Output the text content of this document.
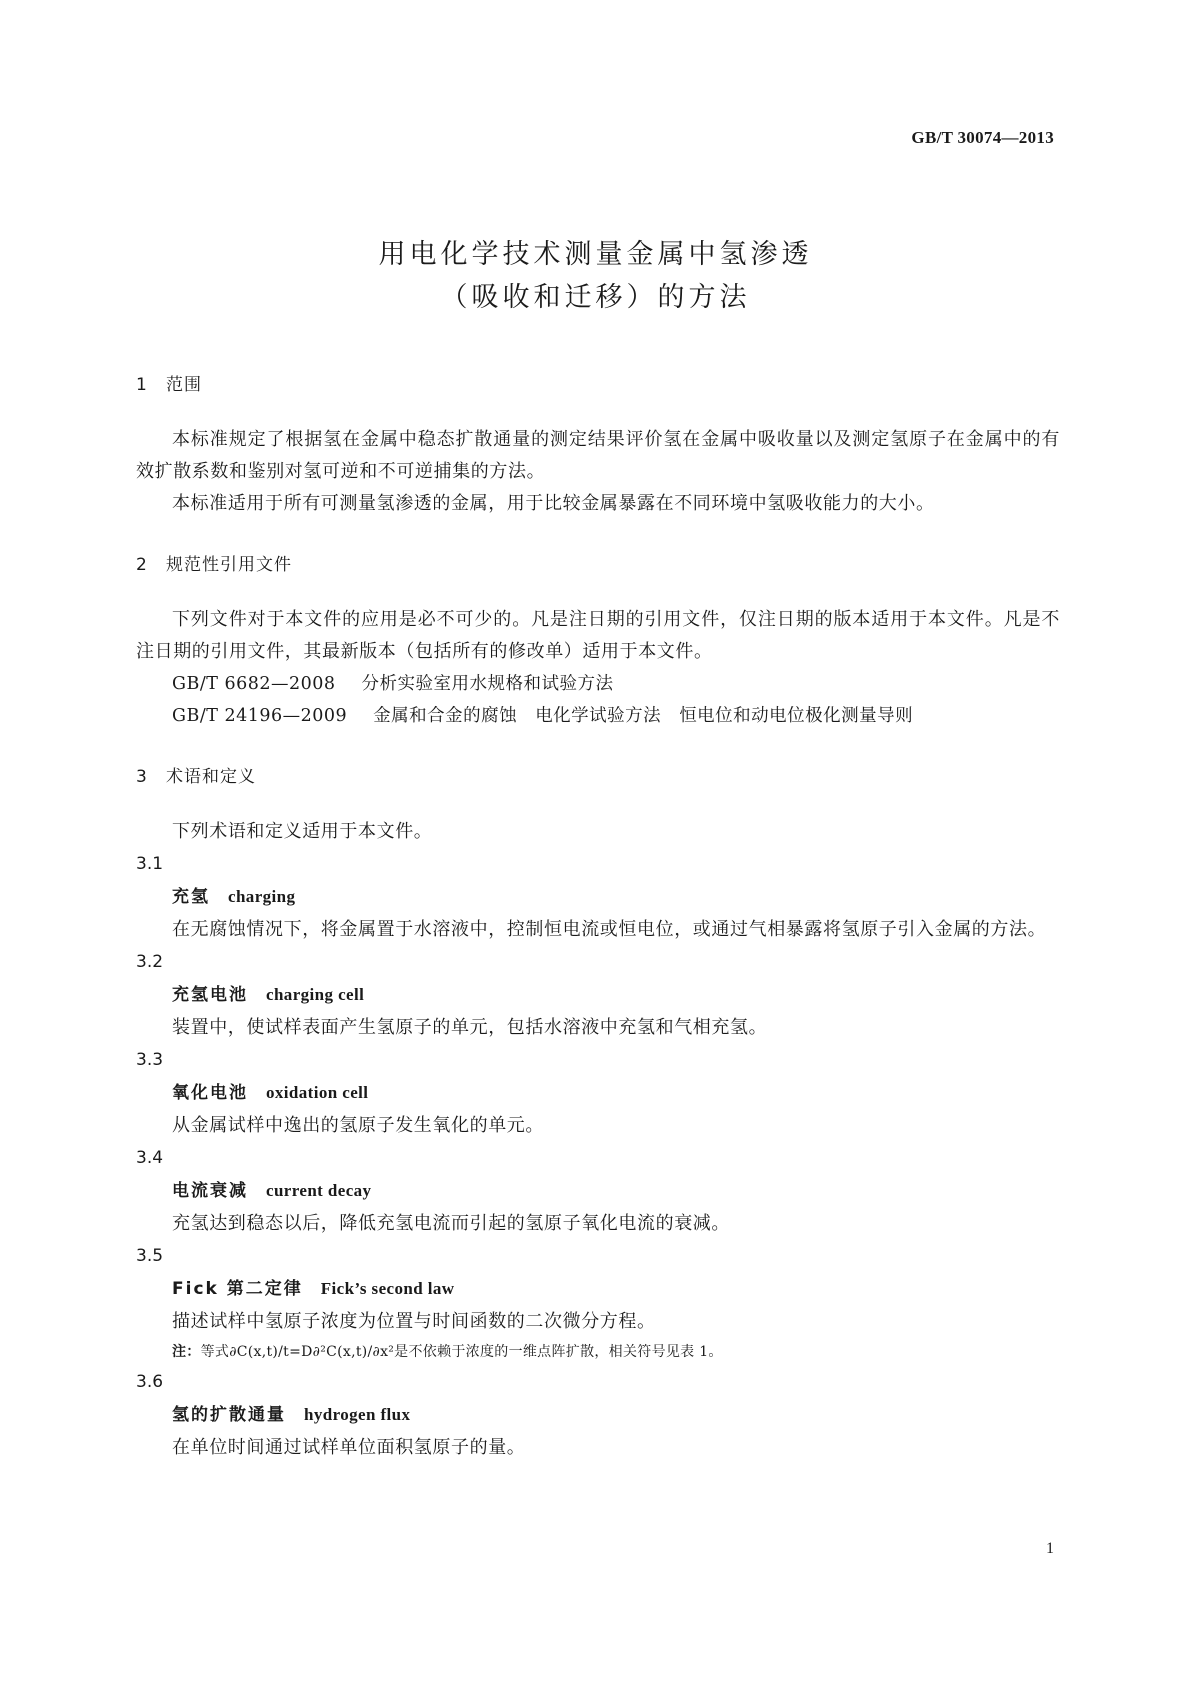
GB/T 30074—2013
用电化学技术测量金属中氢渗透
（吸收和迁移）的方法
1 范围

本标准规定了根据氢在金属中稳态扩散通量的测定结果评价氢在金属中吸收量以及测定氢原子在金属中的有效扩散系数和鉴别对氢可逆和不可逆捕集的方法。

本标准适用于所有可测量氢渗透的金属，用于比较金属暴露在不同环境中氢吸收能力的大小。

2 规范性引用文件

下列文件对于本文件的应用是必不可少的。凡是注日期的引用文件，仅注日期的版本适用于本文件。凡是不注日期的引用文件，其最新版本（包括所有的修改单）适用于本文件。

GB/T 6682—2008 分析实验室用水规格和试验方法

GB/T 24196—2009 金属和合金的腐蚀 电化学试验方法 恒电位和动电位极化测量导则

3 术语和定义

下列术语和定义适用于本文件。

3.1

充氢 charging

在无腐蚀情况下，将金属置于水溶液中，控制恒电流或恒电位，或通过气相暴露将氢原子引入金属的方法。

3.2

充氢电池 charging cell

装置中，使试样表面产生氢原子的单元，包括水溶液中充氢和气相充氢。

3.3

氧化电池 oxidation cell

从金属试样中逸出的氢原子发生氧化的单元。

3.4

电流衰减 current decay

充氢达到稳态以后，降低充氢电流而引起的氢原子氧化电流的衰减。

3.5

Fick 第二定律 Fick’s second law

描述试样中氢原子浓度为位置与时间函数的二次微分方程。

注：等式∂C(x,t)/t=D∂²C(x,t)/∂x²是不依赖于浓度的一维点阵扩散，相关符号见表 1。

3.6

氢的扩散通量 hydrogen flux

在单位时间通过试样单位面积氢原子的量。

1
